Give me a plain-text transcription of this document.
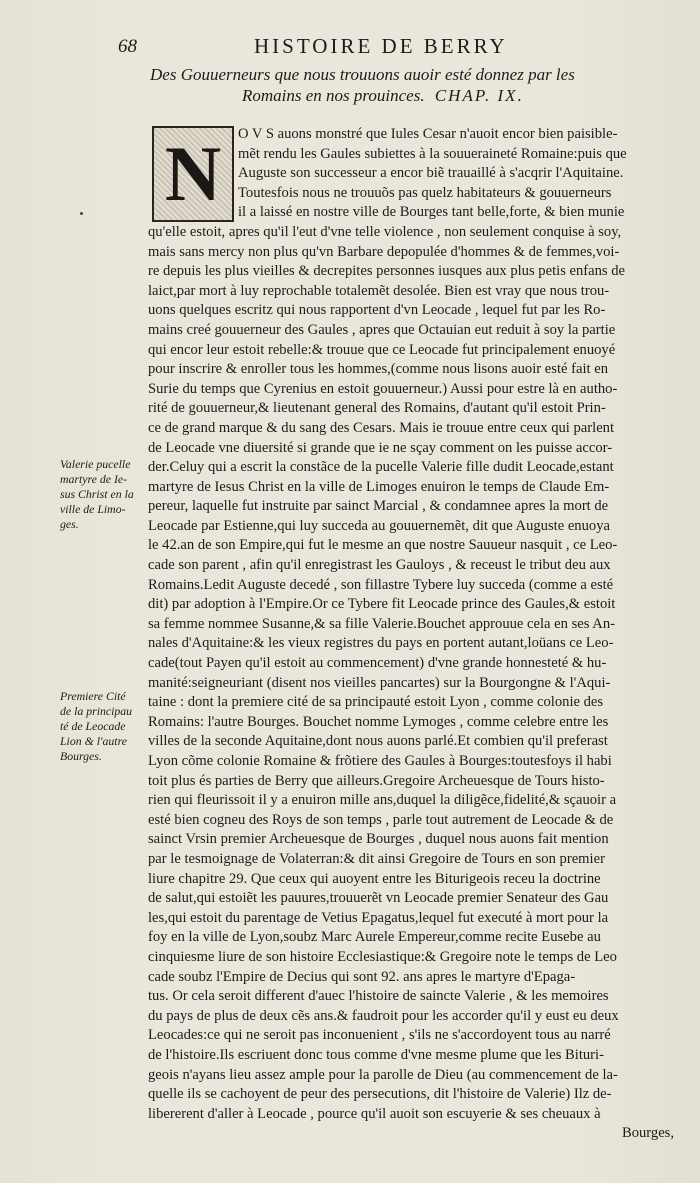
68	HISTOIRE DE BERRY
Des Gouuerneurs que nous trouuons auoir esté donnez par les
Romains en nos prouinces. CHAP. IX.
N	O V S auons monstré que Iules Cesar n'auoit encor bien paisible-
mẽt rendu les Gaules subiettes à la souueraineté Romaine:puis que
Auguste son successeur a encor biẽ trauaillé à s'acqrir l'Aquitaine.
Toutesfois nous ne trouuõs pas quelz habitateurs & gouuerneurs
il a laissé en nostre ville de Bourges tant belle,forte, & bien munie
qu'elle estoit, apres qu'il l'eut d'vne telle violence , non seulement conquise à soy,
mais sans mercy non plus qu'vn Barbare depopulée d'hommes & de femmes,voi-
re depuis les plus vieilles & decrepites personnes iusques aux plus petis enfans de
laict,par mort à luy reprochable totalemẽt desolée. Bien est vray que nous trou-
uons quelques escritz qui nous rapportent d'vn Leocade , lequel fut par les Ro-
mains creé gouuerneur des Gaules , apres que Octauian eut reduit à soy la partie
qui encor leur estoit rebelle:& trouue que ce Leocade fut principalement enuoyé
pour inscrire & enroller tous les hommes,(comme nous lisons auoir esté fait en
Surie du temps que Cyrenius en estoit gouuerneur.) Aussi pour estre là en autho-
rité de gouuerneur,& lieutenant general des Romains, d'autant qu'il estoit Prin-
ce de grand marque & du sang des Cesars. Mais ie trouue entre ceux qui parlent
de Leocade vne diuersité si grande que ie ne sçay comment on les puisse accor-
der.Celuy qui a escrit la constãce de la pucelle Valerie fille dudit Leocade,estant
martyre de Iesus Christ en la ville de Limoges enuiron le temps de Claude Em-
pereur, laquelle fut instruite par sainct Marcial , & condamnee apres la mort de
Leocade par Estienne,qui luy succeda au gouuernemẽt, dit que Auguste enuoya
le 42.an de son Empire,qui fut le mesme an que nostre Sauueur nasquit , ce Leo-
cade son parent , afin qu'il enregistrast les Gauloys , & receust le tribut deu aux
Romains.Ledit Auguste decedé , son fillastre Tybere luy succeda (comme a esté
dit) par adoption à l'Empire.Or ce Tybere fit Leocade prince des Gaules,& estoit
sa femme nommee Susanne,& sa fille Valerie.Bouchet approuue cela en ses An-
nales d'Aquitaine:& les vieux registres du pays en portent autant,loüans ce Leo-
cade(tout Payen qu'il estoit au commencement) d'vne grande honnesteté & hu-
manité:seigneuriant (disent nos vieilles pancartes) sur la Bourgongne & l'Aqui-
taine : dont la premiere cité de sa principauté estoit Lyon , comme colonie des
Romains: l'autre Bourges. Bouchet nomme Lymoges , comme celebre entre les
villes de la seconde Aquitaine,dont nous auons parlé.Et combien qu'il preferast
Lyon cõme colonie Romaine & frõtiere des Gaules à Bourges:toutesfoys il habi
toit plus és parties de Berry que ailleurs.Gregoire Archeuesque de Tours histo-
rien qui fleurissoit il y a enuiron mille ans,duquel la diligẽce,fidelité,& sçauoir a
esté bien cogneu des Roys de son temps , parle tout autrement de Leocade & de
sainct Vrsin premier Archeuesque de Bourges , duquel nous auons fait mention
par le tesmoignage de Volaterran:& dit ainsi Gregoire de Tours en son premier
liure chapitre 29. Que ceux qui auoyent entre les Biturigeois receu la doctrine
de salut,qui estoiẽt les pauures,trouuerẽt vn Leocade premier Senateur des Gau
les,qui estoit du parentage de Vetius Epagatus,lequel fut executé à mort pour la
foy en la ville de Lyon,soubz Marc Aurele Empereur,comme recite Eusebe au
cinquiesme liure de son histoire Ecclesiastique:& Gregoire note le temps de Leo
cade soubz l'Empire de Decius qui sont 92. ans apres le martyre d'Epaga-
tus. Or cela seroit different d'auec l'histoire de saincte Valerie , & les memoires
du pays de plus de deux cẽs ans.& faudroit pour les accorder qu'il y eust eu deux
Leocades:ce qui ne seroit pas inconuenient , s'ils ne s'accordoyent tous au narré
de l'histoire.Ils escriuent donc tous comme d'vne mesme plume que les Bituri-
geois n'ayans lieu assez ample pour la parolle de Dieu (au commencement de la-
quelle ils se cachoyent de peur des persecutions, dit l'histoire de Valerie) Ilz de-
libererent d'aller à Leocade , pource qu'il auoit son escuyerie & ses cheuaux à
Bourges,
Valerie pucelle
martyre de Ie-
sus Christ en la
ville de Limo-
ges.
Premiere Cité
de la principau
té de Leocade
Lion & l'autre
Bourges.
